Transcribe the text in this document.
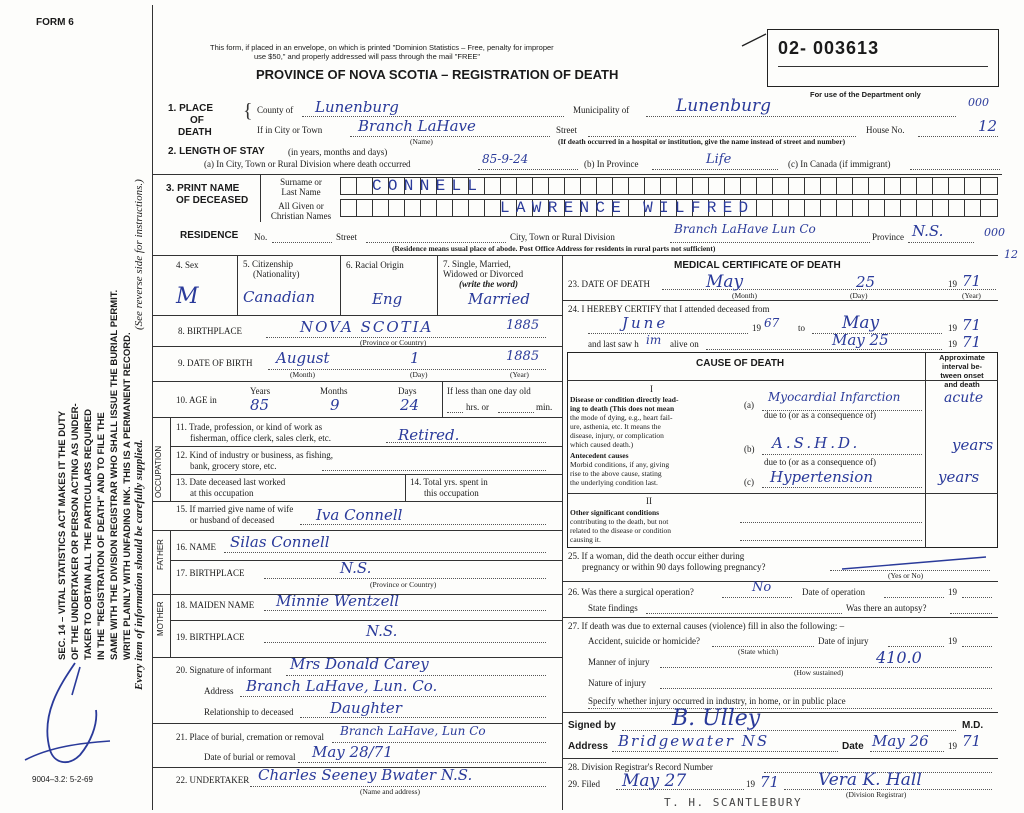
FORM 6
SEC. 14 – VITAL STATISTICS ACT MAKES IT THE DUTY OF THE UNDERTAKER OR PERSON ACTING AS UNDER- TAKER TO OBTAIN ALL THE PARTICULARS REQUIRED IN THE "REGISTRATION OF DEATH" AND TO FILE THE SAME WITH THE DIVISION REGISTRAR WHO SHALL ISSUE THE BURIAL PERMIT. WRITE PLAINLY WITH UNFADING INK. THIS IS A PERMANENT RECORD. Every item of information should be carefully supplied.
(See reverse side for instructions.)
9004–3.2: 5-2-69
This form, if placed in an envelope, on which is printed "Dominion Statistics – Free, penalty for improper
use $50," and properly addressed will pass through the mail "FREE"
PROVINCE OF NOVA SCOTIA – REGISTRATION OF DEATH
02- 003613
For use of the Department only
1. PLACE
OF
DEATH
{ County of Lunenburg	Municipality of	Lunenburg	000
If in City or Town Branch LaHave
(Name)
Street	House No.	12
(If death occurred in a hospital or institution, give the name instead of street and number)
2. LENGTH OF STAY	(in years, months and days)
(a) In City, Town or Rural Division where death occurred	85-9-24	(b) In Province	Life	(c) In Canada (if immigrant)
3. PRINT NAME
OF DECEASED
Surname or
Last Name
All Given or
Christian Names
CONNELL
LAWRENCE WILFRED
RESIDENCE No.	Street	City, Town or Rural Division
Branch LaHave Lun Co
Province N.S.	000
12
(Residence means usual place of abode. Post Office Address for residents in rural parts not sufficient)
4. Sex	5. Citizenship
(Nationality)
6. Racial Origin	7. Single, Married,
Widowed or Divorced
(write the word)
M	Canadian	Eng	Married
8. BIRTHPLACE	NOVA SCOTIA	1885
(Province or Country)
9. DATE OF BIRTH August	1	1885
(Month)	(Day)	(Year)
10. AGE in
Years	Months	Days
85	9	24
If less than one day old
hrs. or	min.
OCCUPATION
11. Trade, profession, or kind of work as
fisherman, office clerk, sales clerk, etc.	Retired.
12. Kind of industry or business, as fishing,
bank, grocery store, etc.
13. Date deceased last worked
at this occupation
14. Total yrs. spent in
this occupation
15. If married give name of wife
or husband of deceased	Iva Connell
FATHER 16. NAME Silas Connell
17. BIRTHPLACE	N.S.
(Province or Country)
MOTHER 18. MAIDEN NAME Minnie Wentzell
19. BIRTHPLACE	N.S.
20. Signature of informant Mrs Donald Carey
Address Branch LaHave, Lun. Co.
Relationship to deceased Daughter
21. Place of burial, cremation or removal Branch LaHave, Lun Co
Date of burial or removal May 28/71
22. UNDERTAKER Charles Seeney Bwater N.S.
(Name and address)
MEDICAL CERTIFICATE OF DEATH
23. DATE OF DEATH	May	25	19 71
(Month)	(Day)	(Year)
24. I HEREBY CERTIFY that I attended deceased from
June	19 67 to May	19 71
and last saw h im alive on	May 25	19 71
CAUSE OF DEATH
Approximate
interval be-
tween onset
and death
I
Disease or condition directly lead-
ing to death (This does not mean
the mode of dying, e.g., heart fail-
ure, asthenia, etc. It means the
disease, injury, or complication
which caused death.)
(a)
Myocardial Infarction	acute
due to (or as a consequence of)
Antecedent causes
Morbid conditions, if any, giving
rise to the above cause, stating
the underlying condition last.
(b) A.S.H.D.	years
due to (or as a consequence of)
(c) Hypertension	years
II
Other significant conditions
contributing to the death, but not
related to the disease or condition
causing it.
25. If a woman, did the death occur either during
pregnancy or within 90 days following pregnancy?
(Yes or No)
26. Was there a surgical operation?	No	Date of operation	19
State findings	Was there an autopsy?
27. If death was due to external causes (violence) fill in also the following: –
Accident, suicide or homicide?	Date of injury	19
(State which)
Manner of injury	410.0
(How sustained)
Nature of injury
Specify whether injury occurred in industry, in home, or in public place
Signed by	B. Ulley	M.D.
Address Bridgewater NS	Date May 26 19 71
28. Division Registrar's Record Number
29. Filed May 27	19 71 Vera K. Hall
(Division Registrar)
T. H. SCANTLEBURY
